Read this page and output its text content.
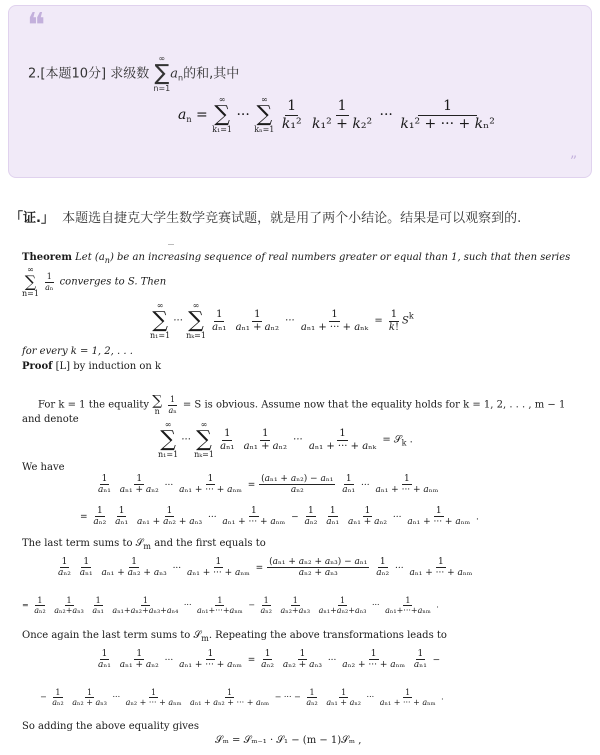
❝
”
2.[本题10分] 求级数
∞
∑
n=1
$a_n$的和,其中
$a_n$ =
∞
∑
k₁=1
···
∞
∑
kₙ=1
$\frac{1}{\text{k₁²}}$
$\frac{1}{\text{k₁² + k₂²}}$ ··· $\frac{1}{\text{k₁² + ··· + kₙ²}}$
「证.」 本题选自捷克大学生数学竞赛试题，就是用了两个小结论。结果是可以观察到的.
Theorem Let $(a_n)$ be an increasing sequence of real numbers greater or equal than 1, such that then series
∞
∑
n=1

$\frac{1}{\text{aₙ}}$ converges to S. Then
∞
∑
n₁=1
···
∞
∑
nₖ=1

$\frac{1}{\text{aₙ₁}}$
$\frac{1}{\text{aₙ₁ + aₙ₂}}$ ··· $\frac{1}{\text{aₙ₁ + ··· + aₙₖ}} = \frac{1}{k!} S^k$
for every k = 1, 2, . . .
Proof [L] by induction on k
For k = 1 the equality ∑
n
$\frac{1}{\text{aₙ}} = S$ is obvious. Assume now that the equality holds for k = 1, 2, . . . , m − 1
and denote	∞
∑
n₁=1
···
∞
∑
nₖ=1

$\frac{1}{\text{aₙ₁}}$
$\frac{1}{\text{aₙ₁ + aₙ₂}}$ ··· $\frac{1}{\text{aₙ₁ + ··· + aₙₖ}}$ = 𝒮$_k$ .
We have
$\frac{1}{\text{aₙ₁}}$
$\frac{1}{\text{aₙ₁ + aₙ₂}}$ ··· $\frac{1}{\text{aₙ₁ + ··· + aₙₘ}} = \frac{\text{(aₙ₁ + aₙ₂) − aₙ₁}}{\text{aₙ₂}}$
$\frac{1}{\text{aₙ₁}}$ ··· $\frac{1}{\text{aₙ₁ + ··· + aₙₘ}}$
= $\frac{1}{\text{aₙ₂}}$
$\frac{1}{\text{aₙ₁}}$
$\frac{1}{\text{aₙ₁ + aₙ₂ + aₙ₃}}$ ··· $\frac{1}{\text{aₙ₁ + ··· + aₙₘ}} - \frac{1}{\text{aₙ₂}}$
$\frac{1}{\text{aₙ₁}}$
$\frac{1}{\text{aₙ₁ + aₙ₂}}$ ··· $\frac{1}{\text{aₙ₁ + ··· + aₙₘ}}$ .
The last term sums to 𝒮$_m$ and the first equals to
$\frac{1}{\text{aₙ₂}}$
$\frac{1}{\text{aₙ₁}}$
$\frac{1}{\text{aₙ₁ + aₙ₂ + aₙ₃}}$ ··· $\frac{1}{\text{aₙ₁ + ··· + aₙₘ}} = \frac{\text{(aₙ₁ + aₙ₂ + aₙ₃) − aₙ₁}}{\text{aₙ₂ + aₙ₃}}$
$\frac{1}{\text{aₙ₂}}$ ··· $\frac{1}{\text{aₙ₁ + ··· + aₙₘ}}$
= $\frac{1}{\text{aₙ₂}}$
$\frac{1}{\text{aₙ₂+aₙ₃}}$
$\frac{1}{\text{aₙ₁}}$
$\frac{1}{\text{aₙ₁+aₙ₂+aₙ₃+aₙ₄}}$ ··· $\frac{1}{\text{aₙ₁+···+aₙₘ}} - \frac{1}{\text{aₙ₂}}$
$\frac{1}{\text{aₙ₂+aₙ₃}}$
$\frac{1}{\text{aₙ₁+aₙ₂+aₙ₃}}$ ··· $\frac{1}{\text{aₙ₁+···+aₙₘ}}$ .
Once again the last term sums to 𝒮$_m$. Repeating the above transformations leads to
$\frac{1}{\text{aₙ₁}}$
$\frac{1}{\text{aₙ₁ + aₙ₂}}$ ··· $\frac{1}{\text{aₙ₁ + ··· + aₙₘ}} = \frac{1}{\text{aₙ₂}}$
$\frac{1}{\text{aₙ₂ + aₙ₃}}$ ··· $\frac{1}{\text{aₙ₂ + ··· + aₙₘ}}$
$\frac{1}{\text{aₙ₁}}$ −
− $\frac{1}{\text{aₙ₂}}$
$\frac{1}{\text{aₙ₂ + aₙ₃}}$ ··· $\frac{1}{\text{aₙ₂ + ··· + aₙₘ}}$
$\frac{1}{\text{aₙ₁ + aₙ₂ + ··· + aₙₘ}}$ − ··· − $\frac{1}{\text{aₙ₂}}$
$\frac{1}{\text{aₙ₁ + aₙ₂}}$ ··· $\frac{1}{\text{aₙ₁ + ··· + aₙₘ}}$ .
So adding the above equality gives
𝒮ₘ = 𝒮ₘ₋₁ · 𝒮₁ − (m − 1)𝒮ₘ ,
